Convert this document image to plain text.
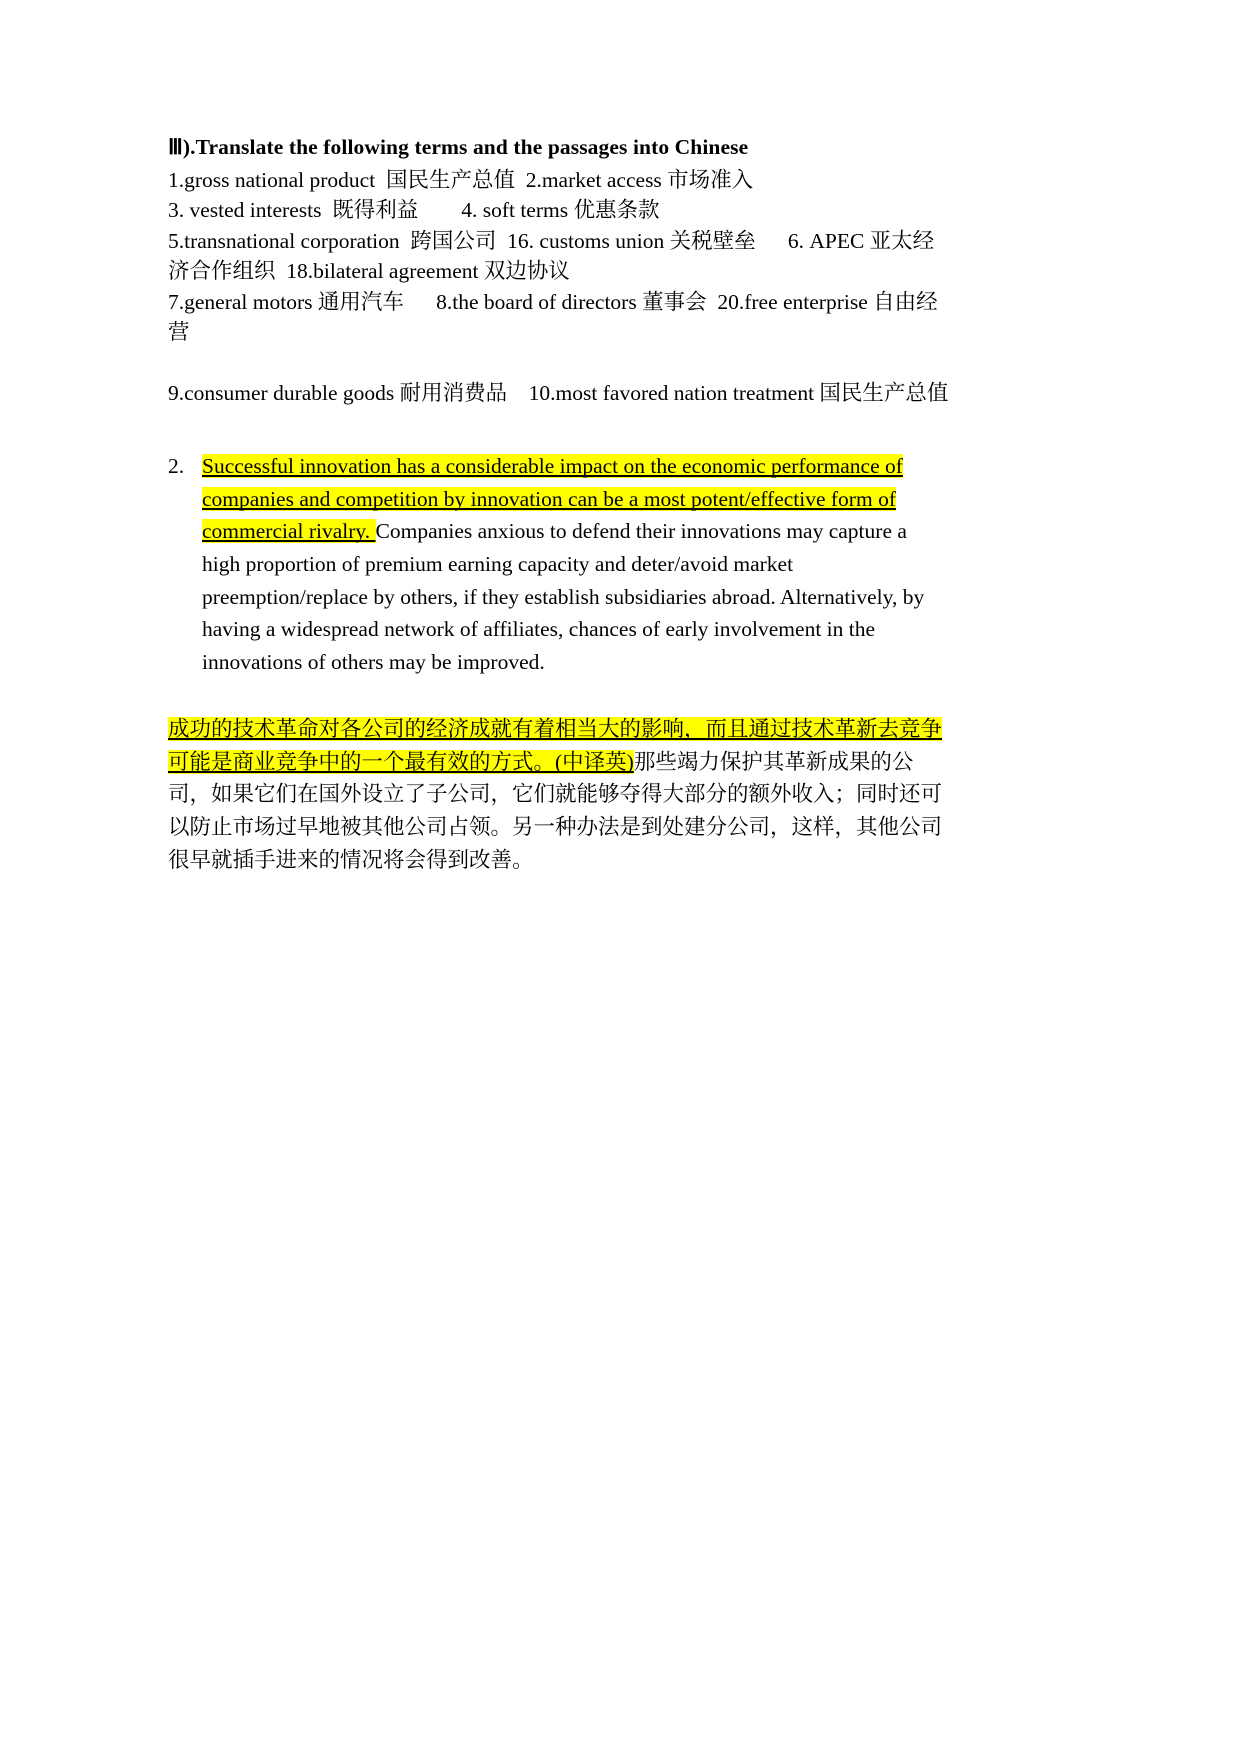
Ⅲ).Translate the following terms and the passages into Chinese
1.gross national product  国民生产总值  2.market access 市场准入
3. vested interests  既得利益        4. soft terms 优惠条款
5.transnational corporation  跨国公司  16. customs union 关税壁垒      6. APEC 亚太经济合作组织  18.bilateral agreement 双边协议
7.general motors 通用汽车      8.the board of directors 董事会  20.free enterprise 自由经营
9.consumer durable goods 耐用消费品    10.most favored nation treatment 国民生产总值
2. Successful innovation has a considerable impact on the economic performance of companies and competition by innovation can be a most potent/effective form of commercial rivalry. Companies anxious to defend their innovations may capture a high proportion of premium earning capacity and deter/avoid market preemption/replace by others, if they establish subsidiaries abroad. Alternatively, by having a widespread network of affiliates, chances of early involvement in the innovations of others may be improved.
成功的技术革命对各公司的经济成就有着相当大的影响，而且通过技术革新去竞争可能是商业竞争中的一个最有效的方式。(中译英)那些竭力保护其革新成果的公司，如果它们在国外设立了子公司，它们就能够夺得大部分的额外收入；同时还可以防止市场过早地被其他公司占领。另一种办法是到处建分公司，这样，其他公司很早就插手进来的情况将会得到改善。
